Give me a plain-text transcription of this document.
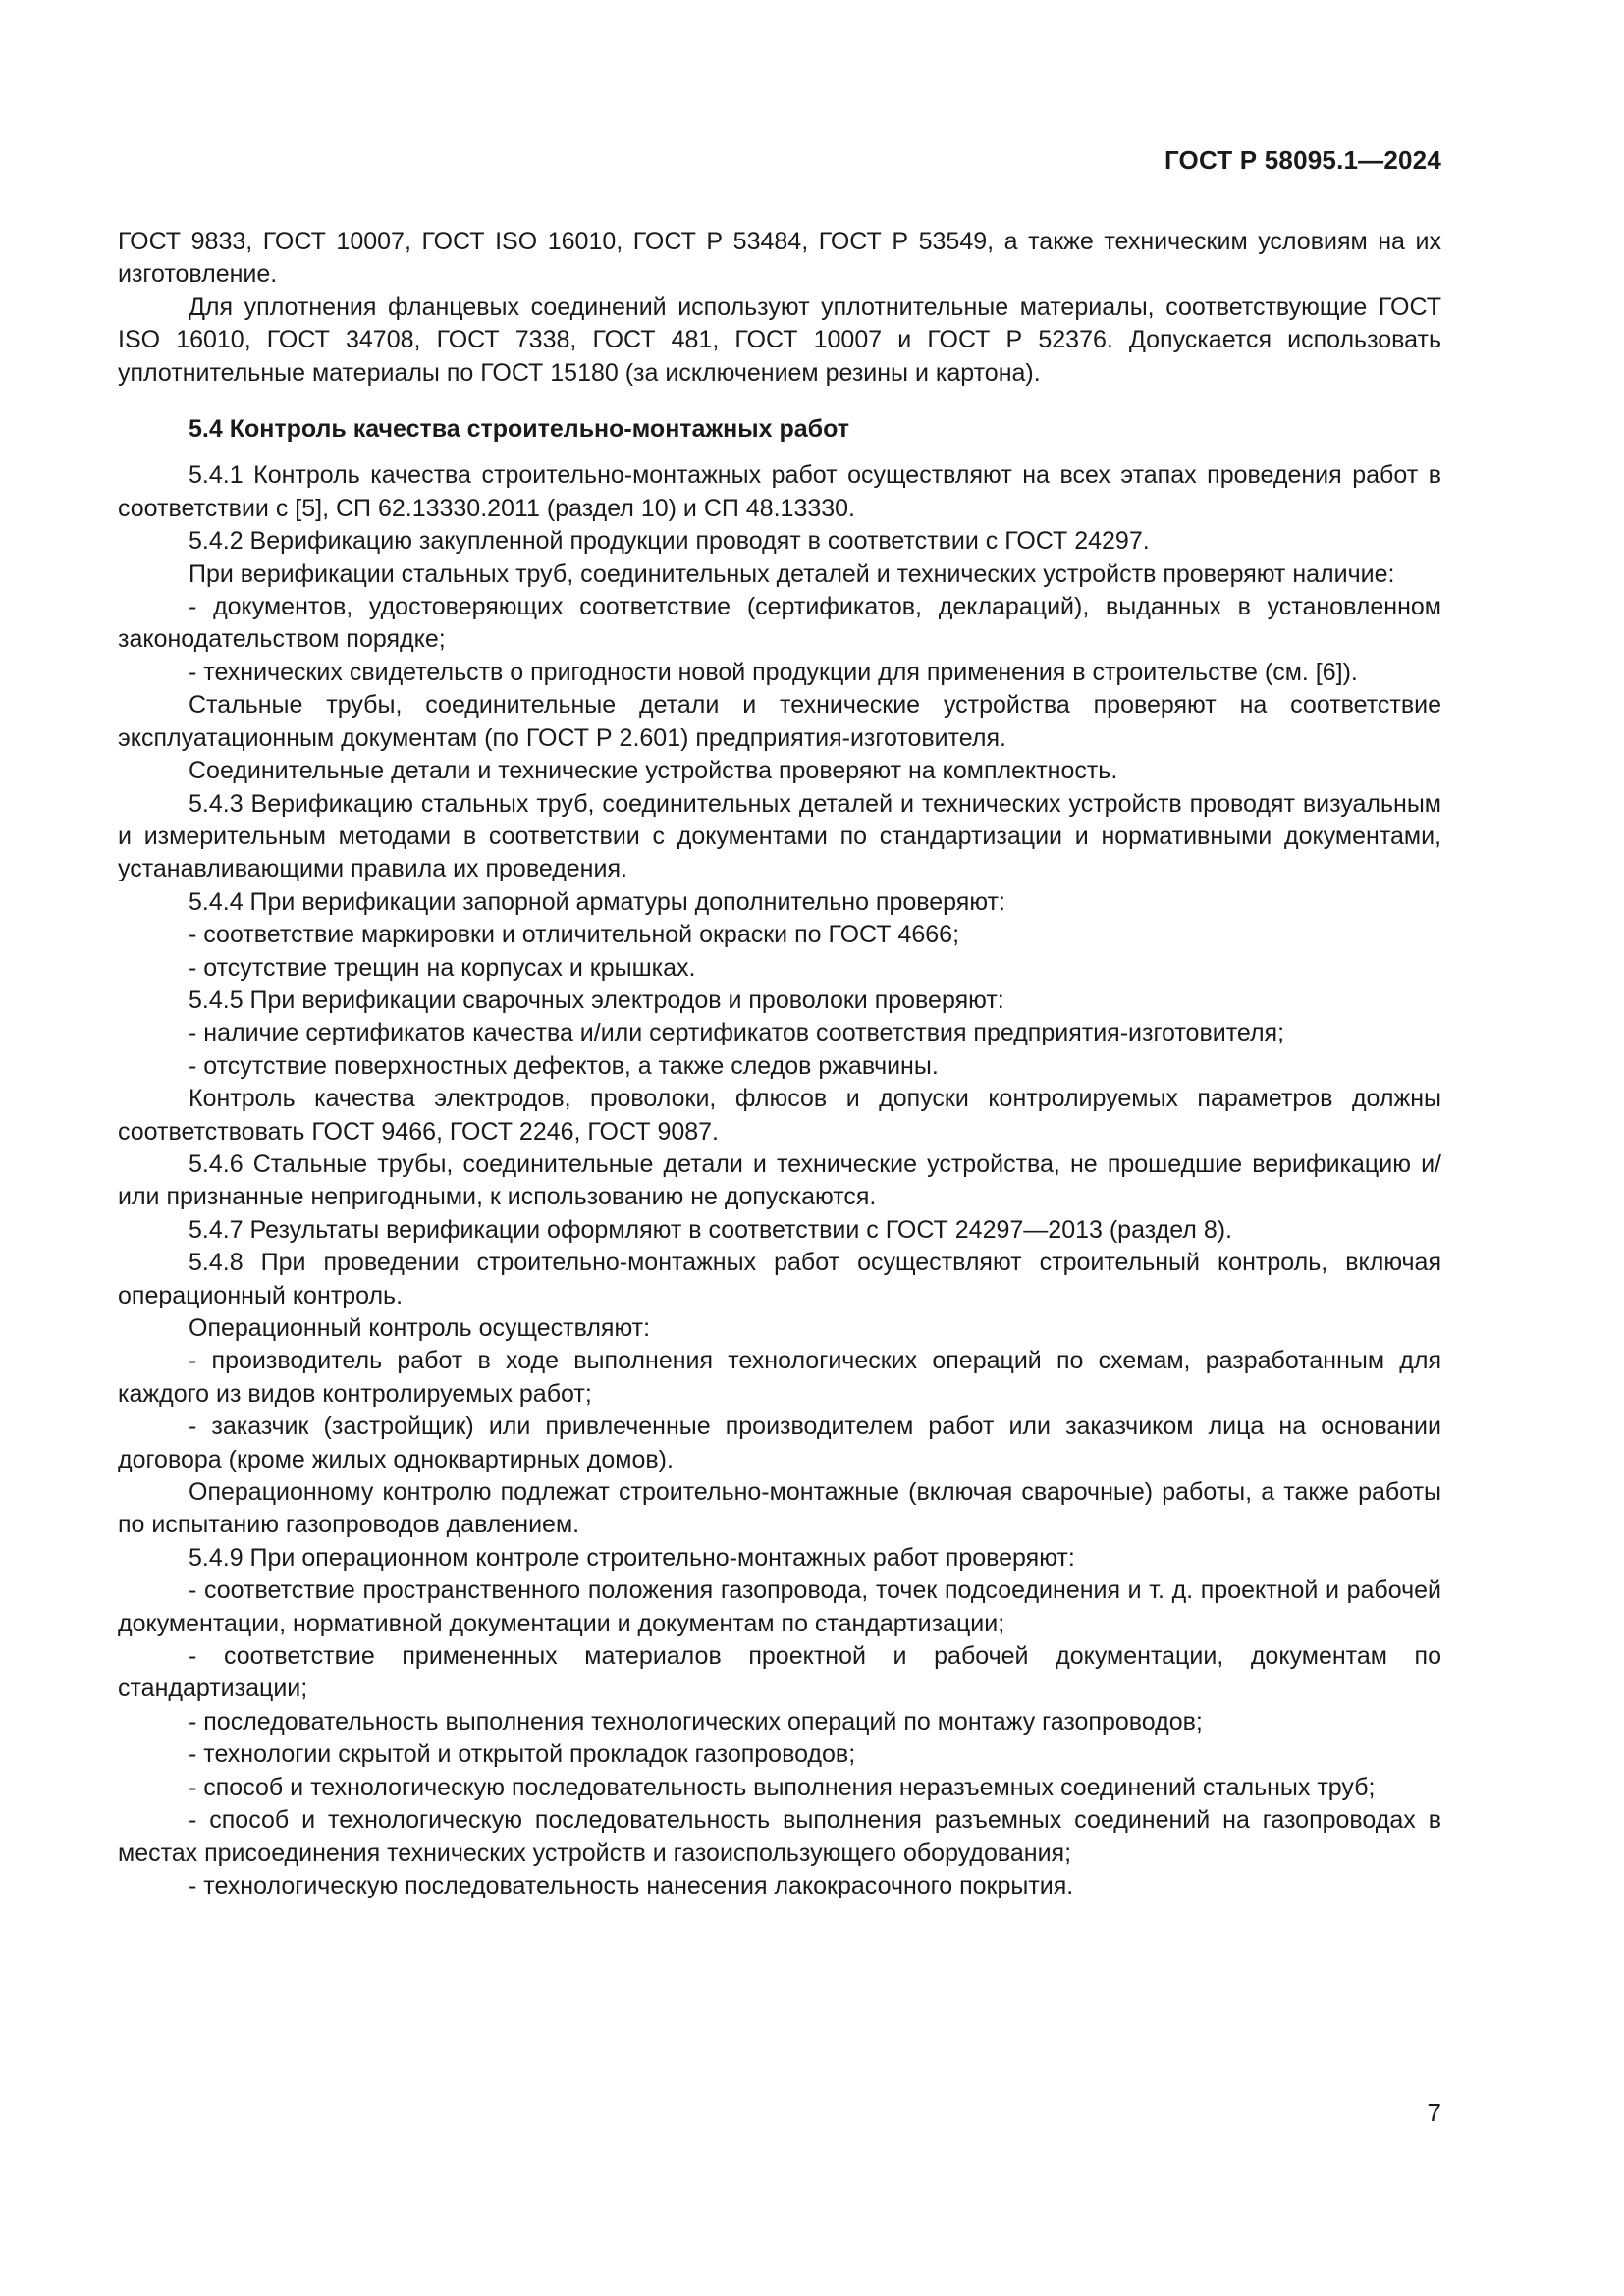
ГОСТ Р 58095.1—2024

ГОСТ 9833, ГОСТ 10007, ГОСТ ISO 16010, ГОСТ Р 53484, ГОСТ Р 53549, а также техническим условиям на их изготовление.

Для уплотнения фланцевых соединений используют уплотнительные материалы, соответствующие ГОСТ ISO 16010, ГОСТ 34708, ГОСТ 7338, ГОСТ 481, ГОСТ 10007 и ГОСТ Р 52376. Допускается использовать уплотнительные материалы по ГОСТ 15180 (за исключением резины и картона).

5.4 Контроль качества строительно-монтажных работ

5.4.1 Контроль качества строительно-монтажных работ осуществляют на всех этапах проведения работ в соответствии с [5], СП 62.13330.2011 (раздел 10) и СП 48.13330.

5.4.2 Верификацию закупленной продукции проводят в соответствии с ГОСТ 24297.

При верификации стальных труб, соединительных деталей и технических устройств проверяют наличие:

- документов, удостоверяющих соответствие (сертификатов, деклараций), выданных в установленном законодательством порядке;

- технических свидетельств о пригодности новой продукции для применения в строительстве (см. [6]).

Стальные трубы, соединительные детали и технические устройства проверяют на соответствие эксплуатационным документам (по ГОСТ Р 2.601) предприятия-изготовителя.

Соединительные детали и технические устройства проверяют на комплектность.

5.4.3 Верификацию стальных труб, соединительных деталей и технических устройств проводят визуальным и измерительным методами в соответствии с документами по стандартизации и нормативными документами, устанавливающими правила их проведения.

5.4.4 При верификации запорной арматуры дополнительно проверяют:

- соответствие маркировки и отличительной окраски по ГОСТ 4666;

- отсутствие трещин на корпусах и крышках.

5.4.5 При верификации сварочных электродов и проволоки проверяют:

- наличие сертификатов качества и/или сертификатов соответствия предприятия-изготовителя;

- отсутствие поверхностных дефектов, а также следов ржавчины.

Контроль качества электродов, проволоки, флюсов и допуски контролируемых параметров должны соответствовать ГОСТ 9466, ГОСТ 2246, ГОСТ 9087.

5.4.6 Стальные трубы, соединительные детали и технические устройства, не прошедшие верификацию и/или признанные непригодными, к использованию не допускаются.

5.4.7 Результаты верификации оформляют в соответствии с ГОСТ 24297—2013 (раздел 8).

5.4.8 При проведении строительно-монтажных работ осуществляют строительный контроль, включая операционный контроль.

Операционный контроль осуществляют:

- производитель работ в ходе выполнения технологических операций по схемам, разработанным для каждого из видов контролируемых работ;

- заказчик (застройщик) или привлеченные производителем работ или заказчиком лица на основании договора (кроме жилых одноквартирных домов).

Операционному контролю подлежат строительно-монтажные (включая сварочные) работы, а также работы по испытанию газопроводов давлением.

5.4.9 При операционном контроле строительно-монтажных работ проверяют:

- соответствие пространственного положения газопровода, точек подсоединения и т. д. проектной и рабочей документации, нормативной документации и документам по стандартизации;

- соответствие примененных материалов проектной и рабочей документации, документам по стандартизации;

- последовательность выполнения технологических операций по монтажу газопроводов;

- технологии скрытой и открытой прокладок газопроводов;

- способ и технологическую последовательность выполнения неразъемных соединений стальных труб;

- способ и технологическую последовательность выполнения разъемных соединений на газопроводах в местах присоединения технических устройств и газоиспользующего оборудования;

- технологическую последовательность нанесения лакокрасочного покрытия.

7
